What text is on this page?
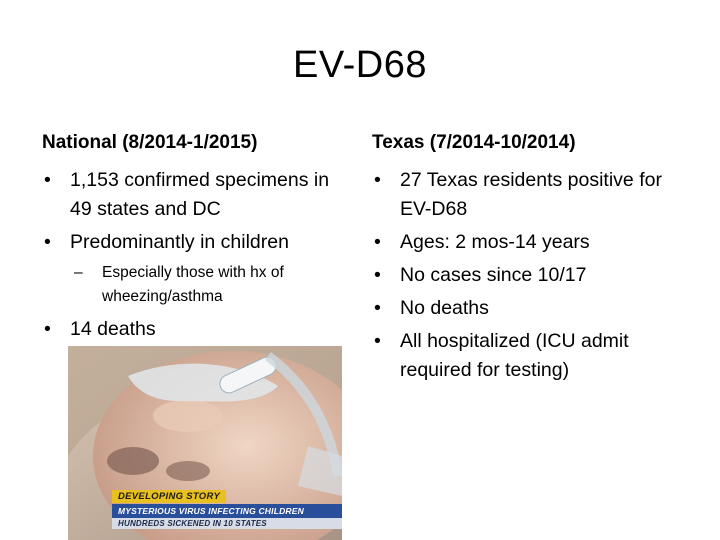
EV-D68
National (8/2014-1/2015)
• 1,153 confirmed specimens in 49 states and DC
• Predominantly in children
– Especially those with hx of wheezing/asthma
• 14 deaths
Texas (7/2014-10/2014)
• 27 Texas residents positive for EV-D68
• Ages: 2 mos-14 years
• No cases since 10/17
• No deaths
• All hospitalized (ICU admit required for testing)
DEVELOPING STORY
MYSTERIOUS VIRUS INFECTING CHILDREN
HUNDREDS SICKENED IN 10 STATES
